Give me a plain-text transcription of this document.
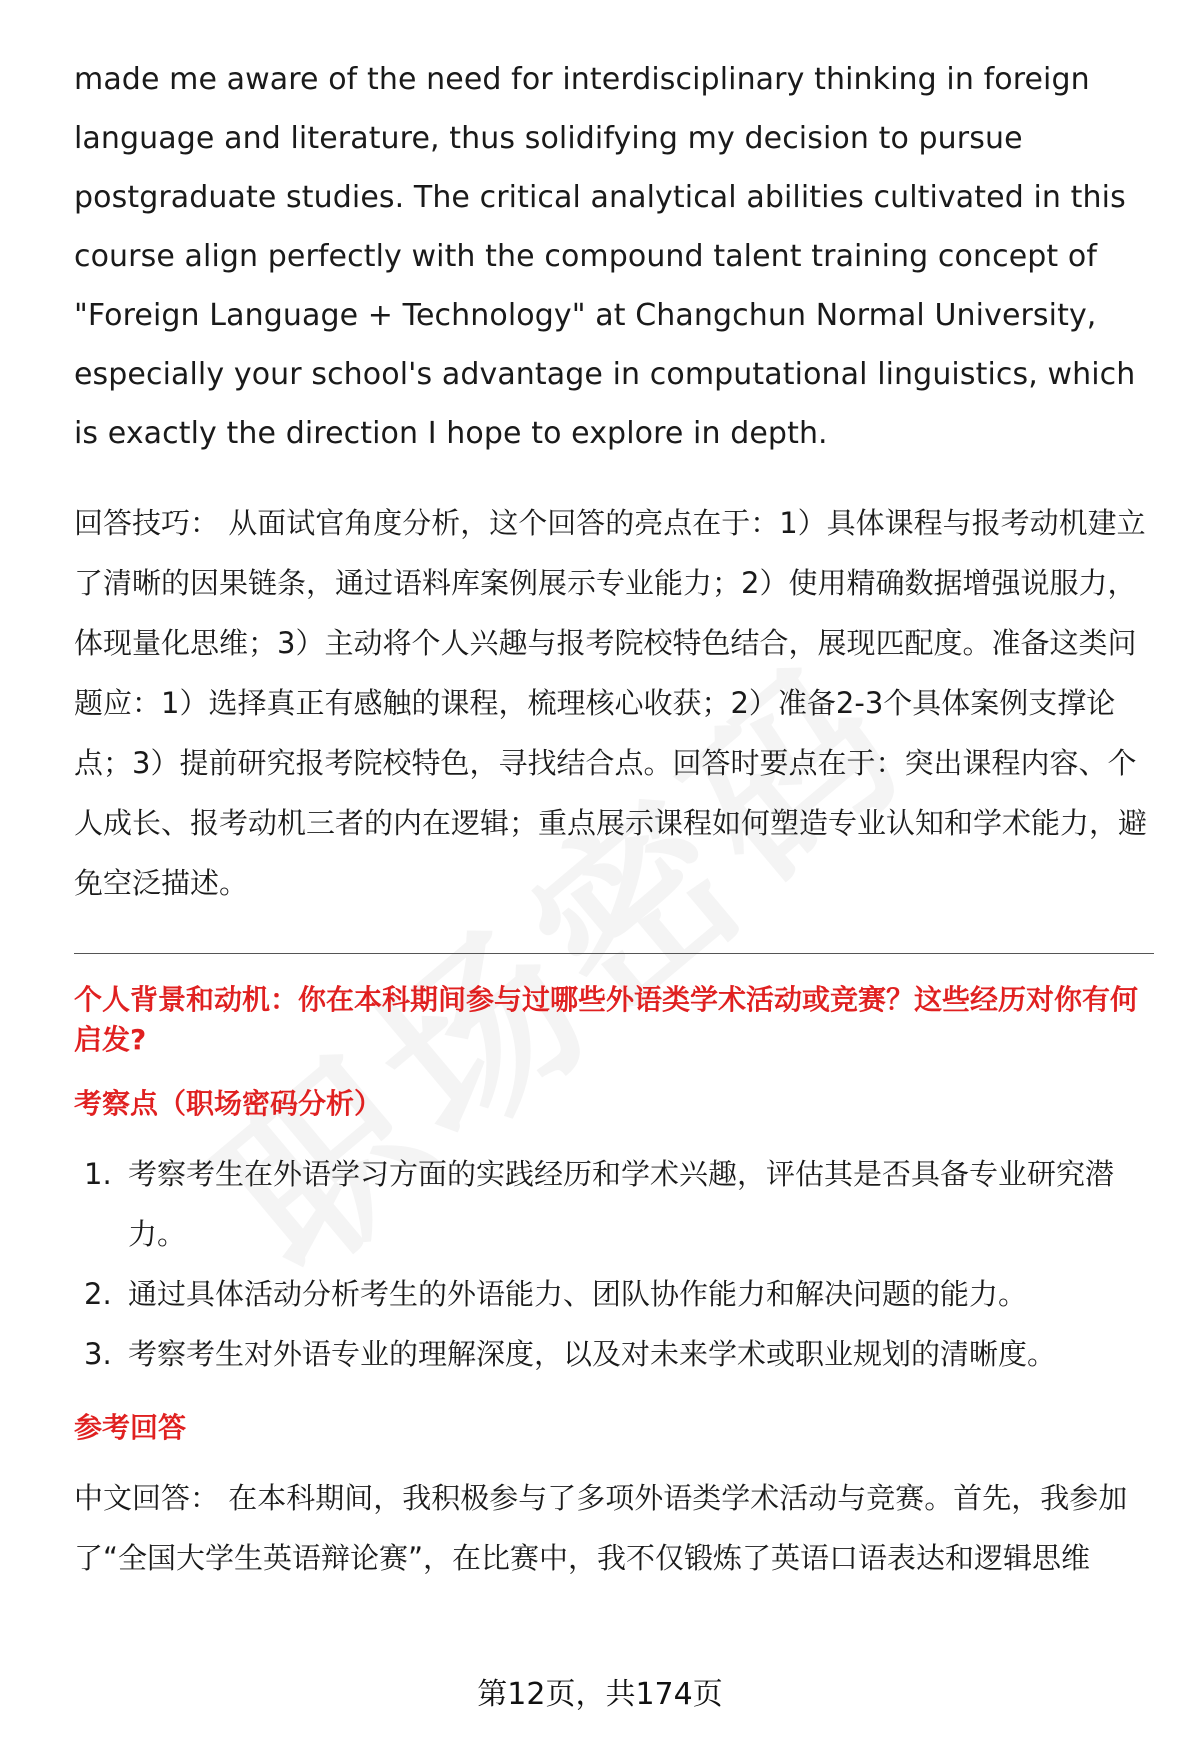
made me aware of the need for interdisciplinary thinking in foreign language and literature, thus solidifying my decision to pursue postgraduate studies. The critical analytical abilities cultivated in this course align perfectly with the compound talent training concept of "Foreign Language + Technology" at Changchun Normal University, especially your school's advantage in computational linguistics, which is exactly the direction I hope to explore in depth.

回答技巧： 从面试官角度分析，这个回答的亮点在于：1）具体课程与报考动机建立了清晰的因果链条，通过语料库案例展示专业能力；2）使用精确数据增强说服力，体现量化思维；3）主动将个人兴趣与报考院校特色结合，展现匹配度。准备这类问题应：1）选择真正有感触的课程，梳理核心收获；2）准备2-3个具体案例支撑论点；3）提前研究报考院校特色，寻找结合点。回答时要点在于：突出课程内容、个人成长、报考动机三者的内在逻辑；重点展示课程如何塑造专业认知和学术能力，避免空泛描述。

个人背景和动机：你在本科期间参与过哪些外语类学术活动或竞赛？这些经历对你有何启发?

考察点（职场密码分析）

1. 考察考生在外语学习方面的实践经历和学术兴趣，评估其是否具备专业研究潜力。
2. 通过具体活动分析考生的外语能力、团队协作能力和解决问题的能力。
3. 考察考生对外语专业的理解深度，以及对未来学术或职业规划的清晰度。

参考回答

中文回答： 在本科期间，我积极参与了多项外语类学术活动与竞赛。首先，我参加了“全国大学生英语辩论赛”，在比赛中，我不仅锻炼了英语口语表达和逻辑思维

第12页，共174页
